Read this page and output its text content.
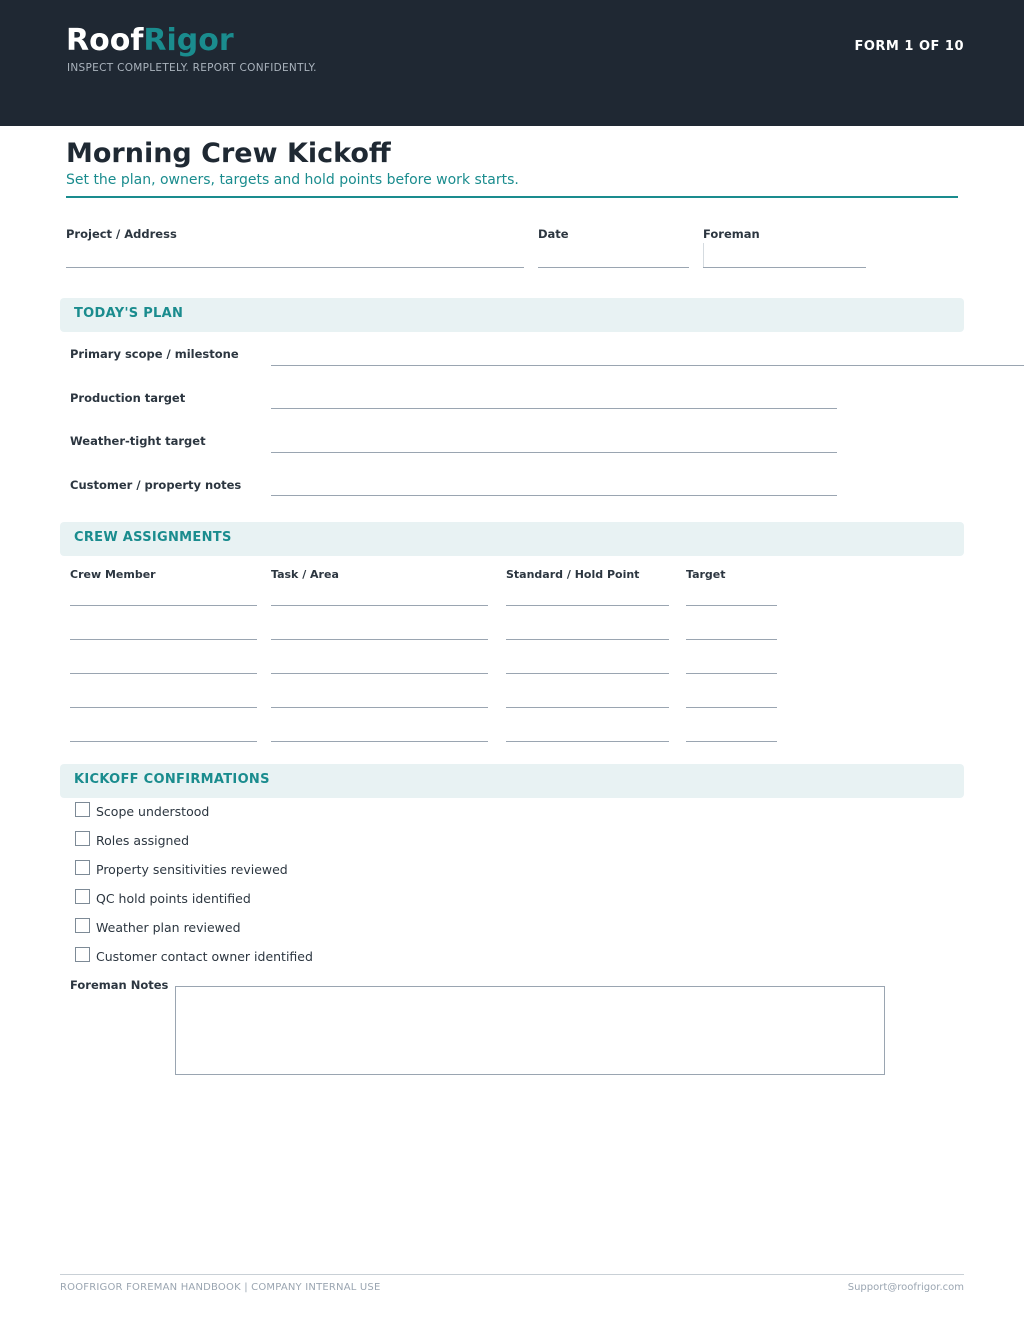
RoofRigor
INSPECT COMPLETELY. REPORT CONFIDENTLY.
FORM 1 OF 10
Morning Crew Kickoff
Set the plan, owners, targets and hold points before work starts.
Project / Address	Date	Foreman
TODAY'S PLAN
Primary scope / milestone
Production target
Weather-tight target
Customer / property notes
CREW ASSIGNMENTS
Crew Member	Task / Area	Standard / Hold Point	Target
KICKOFF CONFIRMATIONS
Scope understood
Roles assigned
Property sensitivities reviewed
QC hold points identified
Weather plan reviewed
Customer contact owner identified
Foreman Notes
ROOFRIGOR FOREMAN HANDBOOK | COMPANY INTERNAL USE	Support@roofrigor.com
